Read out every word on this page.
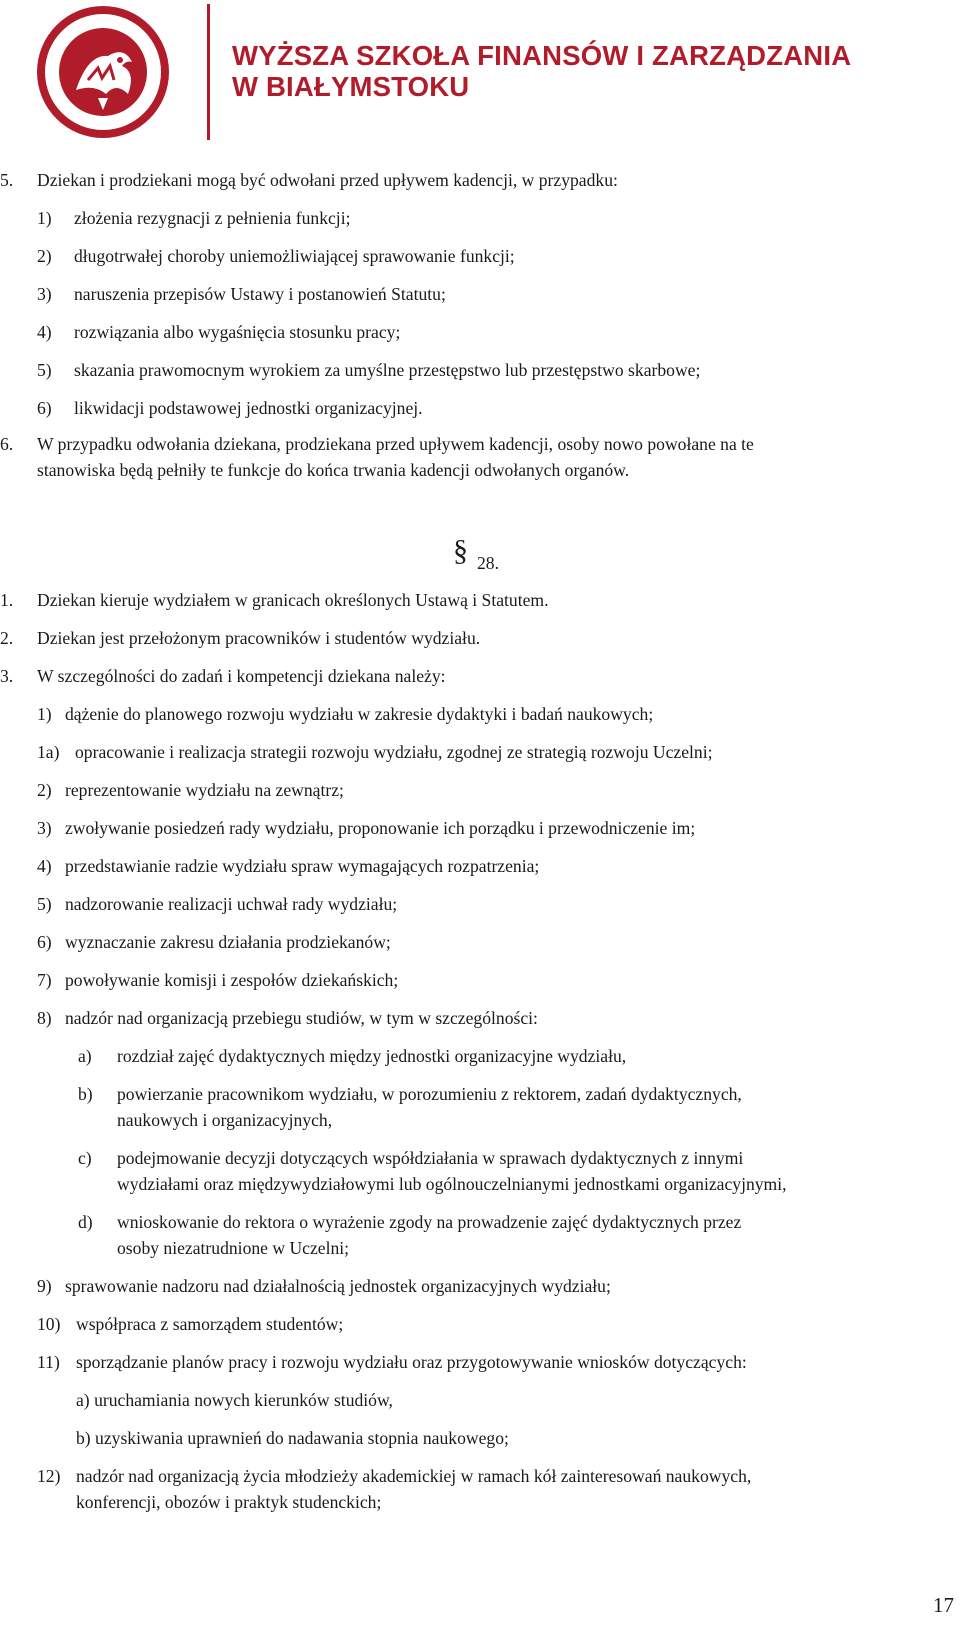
WYŻSZA SZKOŁA FINANSÓW I ZARZĄDZANIA
W BIAŁYMSTOKU
5. Dziekan i prodziekani mogą być odwołani przed upływem kadencji, w przypadku:
1) złożenia rezygnacji z pełnienia funkcji;
2) długotrwałej choroby uniemożliwiającej sprawowanie funkcji;
3) naruszenia przepisów Ustawy i postanowień Statutu;
4) rozwiązania albo wygaśnięcia stosunku pracy;
5) skazania prawomocnym wyrokiem za umyślne przestępstwo lub przestępstwo skarbowe;
6) likwidacji podstawowej jednostki organizacyjnej.
6. W przypadku odwołania dziekana, prodziekana przed upływem kadencji, osoby nowo powołane na te
stanowiska będą pełniły te funkcje do końca trwania kadencji odwołanych organów.
§ 28.
1. Dziekan kieruje wydziałem w granicach określonych Ustawą i Statutem.
2. Dziekan jest przełożonym pracowników i studentów wydziału.
3. W szczególności do zadań i kompetencji dziekana należy:
1) dążenie do planowego rozwoju wydziału w zakresie dydaktyki i badań naukowych;
1a) opracowanie i realizacja strategii rozwoju wydziału, zgodnej ze strategią rozwoju Uczelni;
2) reprezentowanie wydziału na zewnątrz;
3) zwoływanie posiedzeń rady wydziału, proponowanie ich porządku i przewodniczenie im;
4) przedstawianie radzie wydziału spraw wymagających rozpatrzenia;
5) nadzorowanie realizacji uchwał rady wydziału;
6) wyznaczanie zakresu działania prodziekanów;
7) powoływanie komisji i zespołów dziekańskich;
8) nadzór nad organizacją przebiegu studiów, w tym w szczególności:
a) rozdział zajęć dydaktycznych między jednostki organizacyjne wydziału,
b) powierzanie pracownikom wydziału, w porozumieniu z rektorem, zadań dydaktycznych,
naukowych i organizacyjnych,
c) podejmowanie decyzji dotyczących współdziałania w sprawach dydaktycznych z innymi
wydziałami oraz międzywydziałowymi lub ogólnouczelnianymi jednostkami organizacyjnymi,
d) wnioskowanie do rektora o wyrażenie zgody na prowadzenie zajęć dydaktycznych przez
osoby niezatrudnione w Uczelni;
9) sprawowanie nadzoru nad działalnością jednostek organizacyjnych wydziału;
10) współpraca z samorządem studentów;
11) sporządzanie planów pracy i rozwoju wydziału oraz przygotowywanie wniosków dotyczących:
a) uruchamiania nowych kierunków studiów,
b) uzyskiwania uprawnień do nadawania stopnia naukowego;
12) nadzór nad organizacją życia młodzieży akademickiej w ramach kół zainteresowań naukowych,
konferencji, obozów i praktyk studenckich;
17
